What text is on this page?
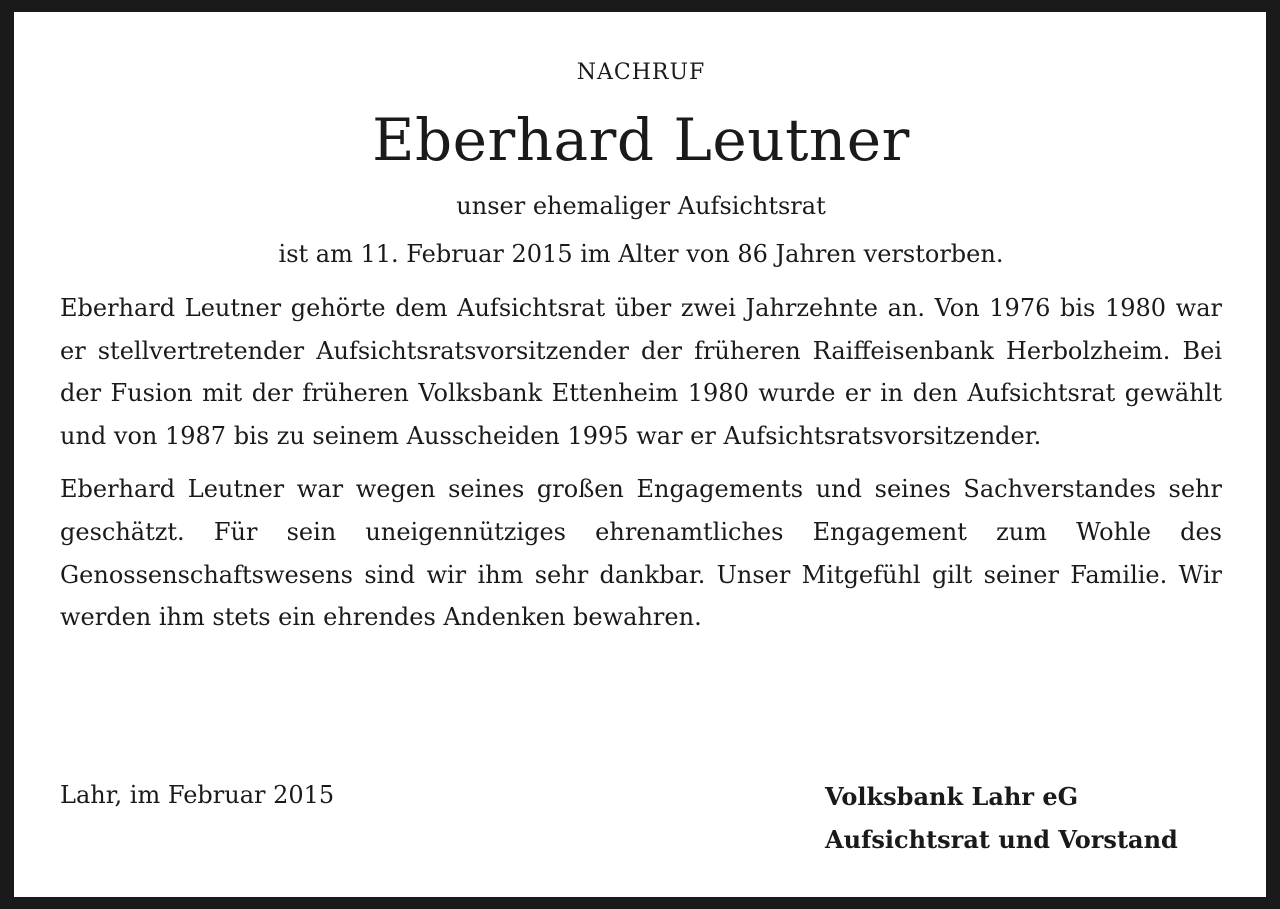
NACHRUF
Eberhard Leutner
unser ehemaliger Aufsichtsrat
ist am 11. Februar 2015 im Alter von 86 Jahren verstorben.

Eberhard Leutner gehörte dem Aufsichtsrat über zwei Jahrzehnte an. Von 1976 bis 1980 war er stellvertretender Aufsichtsratsvorsitzender der früheren Raiffeisenbank Herbolzheim. Bei der Fusion mit der früheren Volksbank Ettenheim 1980 wurde er in den Aufsichtsrat gewählt und von 1987 bis zu seinem Ausscheiden 1995 war er Aufsichtsratsvorsitzender.

Eberhard Leutner war wegen seines großen Engagements und seines Sachverstandes sehr geschätzt. Für sein uneigennütziges ehrenamtliches Engagement zum Wohle des Genossenschaftswesens sind wir ihm sehr dankbar. Unser Mitgefühl gilt seiner Familie. Wir werden ihm stets ein ehrendes Andenken bewahren.

Lahr, im Februar 2015	Volksbank Lahr eG
Aufsichtsrat und Vorstand
